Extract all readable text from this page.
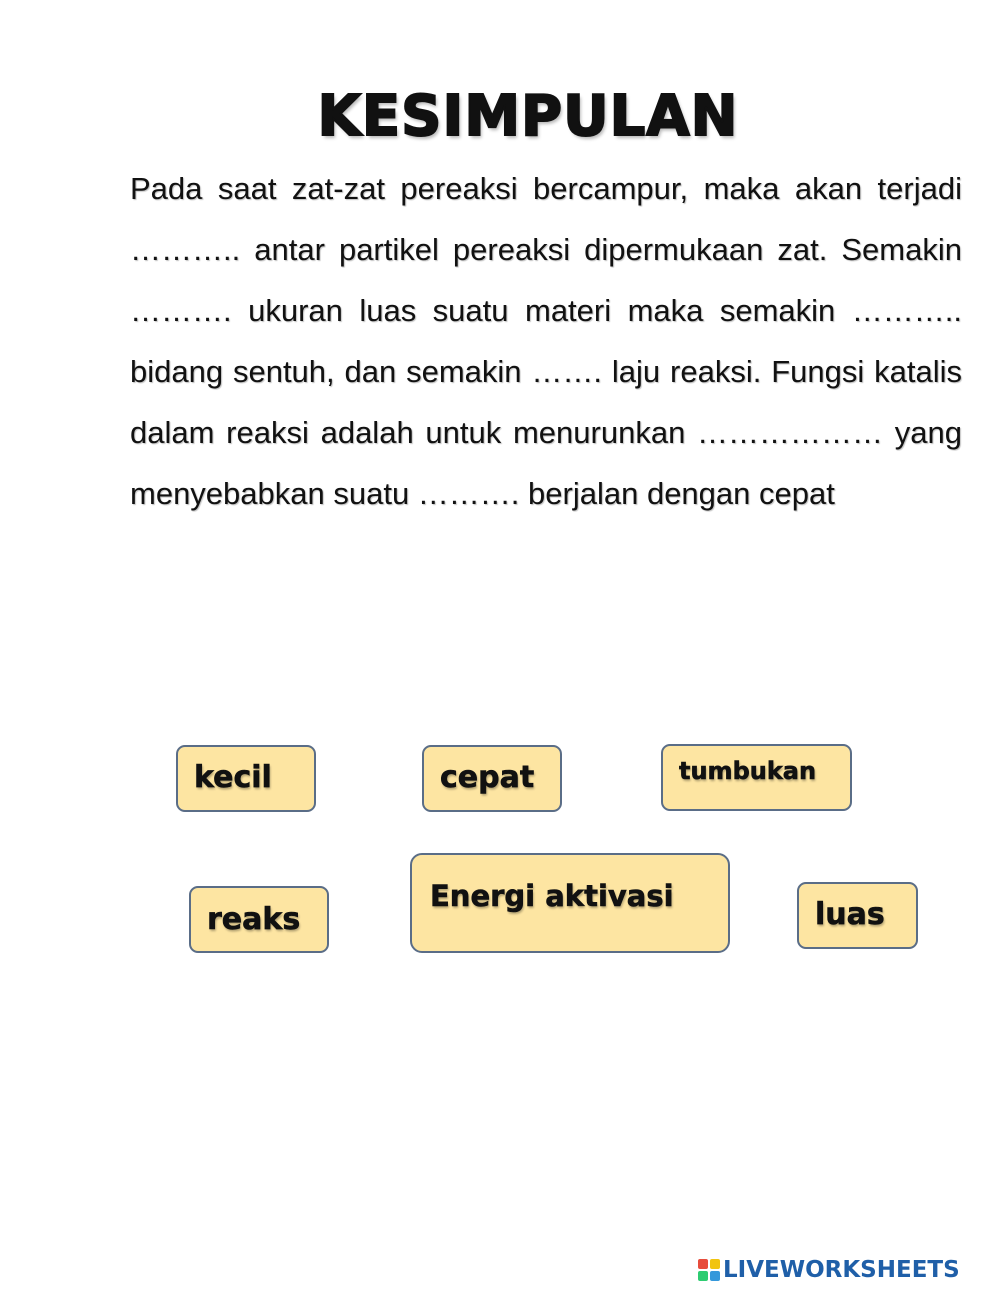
KESIMPULAN

Pada saat zat-zat pereaksi bercampur, maka akan terjadi ……….. antar partikel pereaksi dipermukaan zat. Semakin ………. ukuran luas suatu materi maka semakin ……….. bidang sentuh, dan semakin ……. laju reaksi. Fungsi katalis dalam reaksi adalah untuk menurunkan ……………… yang menyebabkan suatu ………. berjalan dengan cepat

kecil	cepat	tumbukan
reaks
Energi aktivasi
luas
LIVEWORKSHEETS
